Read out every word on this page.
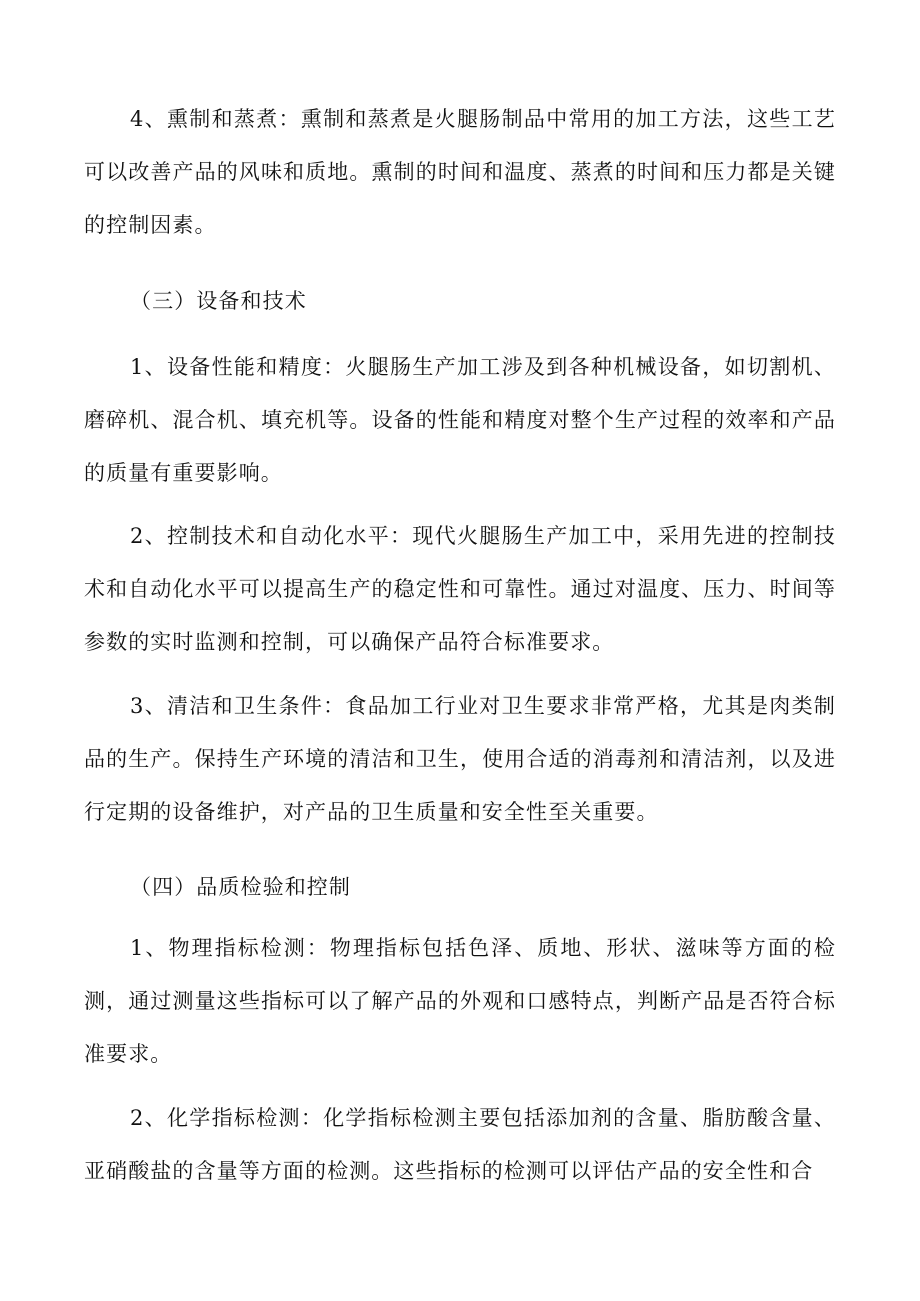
4、熏制和蒸煮：熏制和蒸煮是火腿肠制品中常用的加工方法，这些工艺可以改善产品的风味和质地。熏制的时间和温度、蒸煮的时间和压力都是关键的控制因素。

（三）设备和技术

1、设备性能和精度：火腿肠生产加工涉及到各种机械设备，如切割机、磨碎机、混合机、填充机等。设备的性能和精度对整个生产过程的效率和产品的质量有重要影响。

2、控制技术和自动化水平：现代火腿肠生产加工中，采用先进的控制技术和自动化水平可以提高生产的稳定性和可靠性。通过对温度、压力、时间等参数的实时监测和控制，可以确保产品符合标准要求。

3、清洁和卫生条件：食品加工行业对卫生要求非常严格，尤其是肉类制品的生产。保持生产环境的清洁和卫生，使用合适的消毒剂和清洁剂，以及进行定期的设备维护，对产品的卫生质量和安全性至关重要。

（四）品质检验和控制

1、物理指标检测：物理指标包括色泽、质地、形状、滋味等方面的检测，通过测量这些指标可以了解产品的外观和口感特点，判断产品是否符合标准要求。

2、化学指标检测：化学指标检测主要包括添加剂的含量、脂肪酸含量、亚硝酸盐的含量等方面的检测。这些指标的检测可以评估产品的安全性和合
